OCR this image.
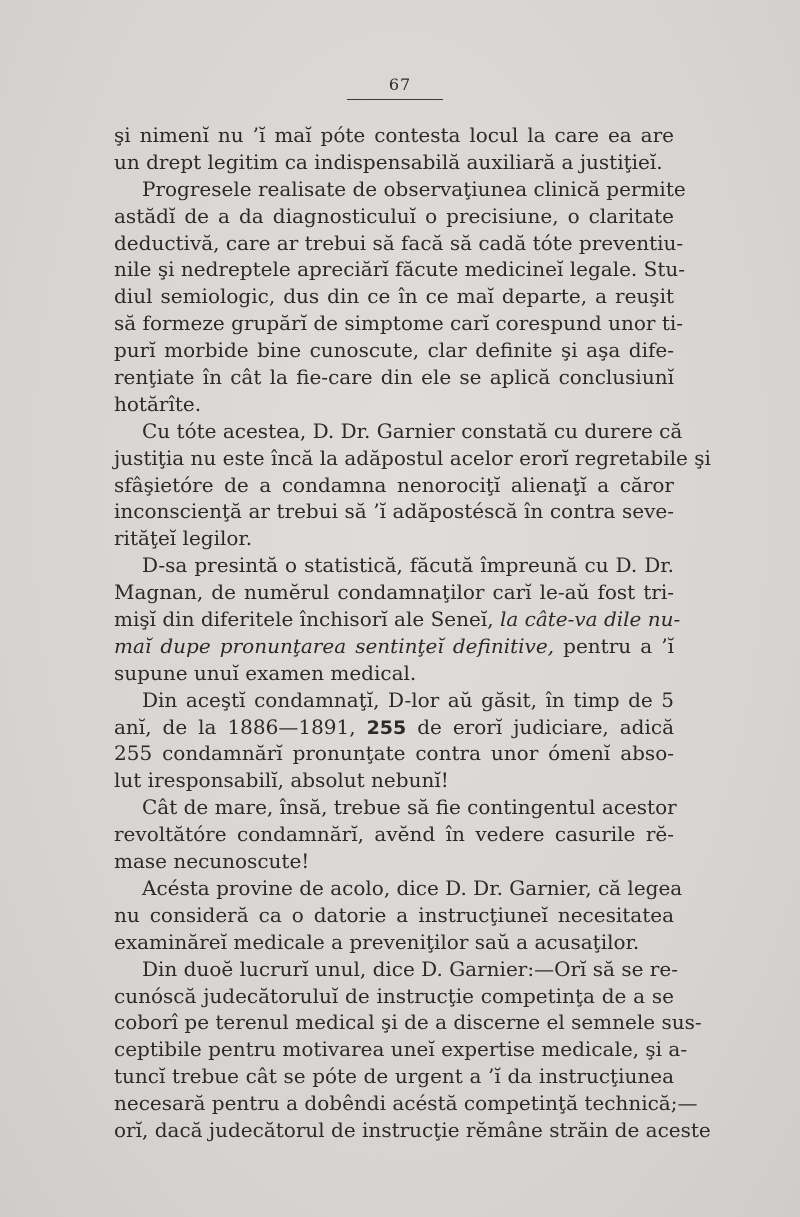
67
şi nimenĭ nu ’ĭ maĭ póte contesta locul la care ea are
un drept legitim ca indispensabilă auxiliară a justiţieĭ.
Progresele realisate de observaţiunea clinică permite
astădĭ de a da diagnosticuluĭ o precisiune, o claritate
deductivă, care ar trebui să facă să cadă tóte preventiu-
nile şi nedreptele apreciărĭ făcute medicineĭ legale. Stu-
diul semiologic, dus din ce în ce maĭ departe, a reuşit
să formeze grupărĭ de simptome carĭ corespund unor ti-
purĭ morbide bine cunoscute, clar definite şi aşa dife-
renţiate în cât la fie-care din ele se aplică conclusiunĭ
hotărîte.
Cu tóte acestea, D. Dr. Garnier constată cu durere că
justiţia nu este încă la adăpostul acelor erorĭ regretabile şi
sfâşietóre de a condamna nenorociţĭ alienaţĭ a căror
inconscienţă ar trebui să ’ĭ adăpostéscă în contra seve-
rităţeĭ legilor.
D-sa presintă o statistică, făcută împreună cu D. Dr.
Magnan, de numĕrul condamnaţilor carĭ le-aŭ fost tri-
mişĭ din diferitele închisorĭ ale Seneĭ, la câte-va dile nu-
maĭ dupe pronunţarea sentinţeĭ definitive, pentru a ’ĭ
supune unuĭ examen medical.
Din aceştĭ condamnaţĭ, D-lor aŭ găsit, în timp de 5
anĭ, de la 1886—1891, 255 de erorĭ judiciare, adică
255 condamnărĭ pronunţate contra unor ómenĭ abso-
lut iresponsabilĭ, absolut nebunĭ!
Cât de mare, însă, trebue să fie contingentul acestor
revoltătóre condamnărĭ, avĕnd în vedere casurile rĕ-
mase necunoscute!
Acésta provine de acolo, dice D. Dr. Garnier, că legea
nu consideră ca o datorie a instrucţiuneĭ necesitatea
examinăreĭ medicale a preveniţilor saŭ a acusaţilor.
Din duoĕ lucrurĭ unul, dice D. Garnier:—Orĭ să se re-
cunóscă judecătoruluĭ de instrucţie competinţa de a se
coborî pe terenul medical şi de a discerne el semnele sus-
ceptibile pentru motivarea uneĭ expertise medicale, şi a-
tuncĭ trebue cât se póte de urgent a ’ĭ da instrucţiunea
necesară pentru a dobêndi acéstă competinţă technică;—
orĭ, dacă judecătorul de instrucţie rĕmâne străin de aceste
